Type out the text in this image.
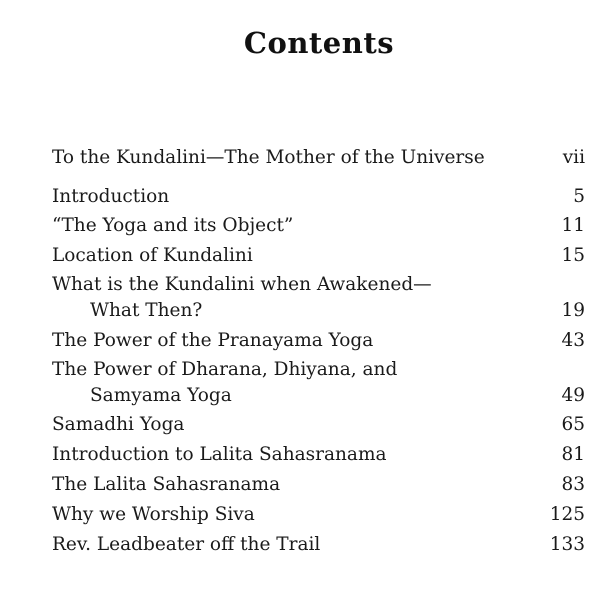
Contents
To the Kundalini—The Mother of the Universe	vii
Introduction	5
“The Yoga and its Object”	11
Location of Kundalini	15
What is the Kundalini when Awakened—
What Then?	19
The Power of the Pranayama Yoga	43
The Power of Dharana, Dhiyana, and
Samyama Yoga	49
Samadhi Yoga	65
Introduction to Lalita Sahasranama	81
The Lalita Sahasranama	83
Why we Worship Siva	125
Rev. Leadbeater off the Trail	133
